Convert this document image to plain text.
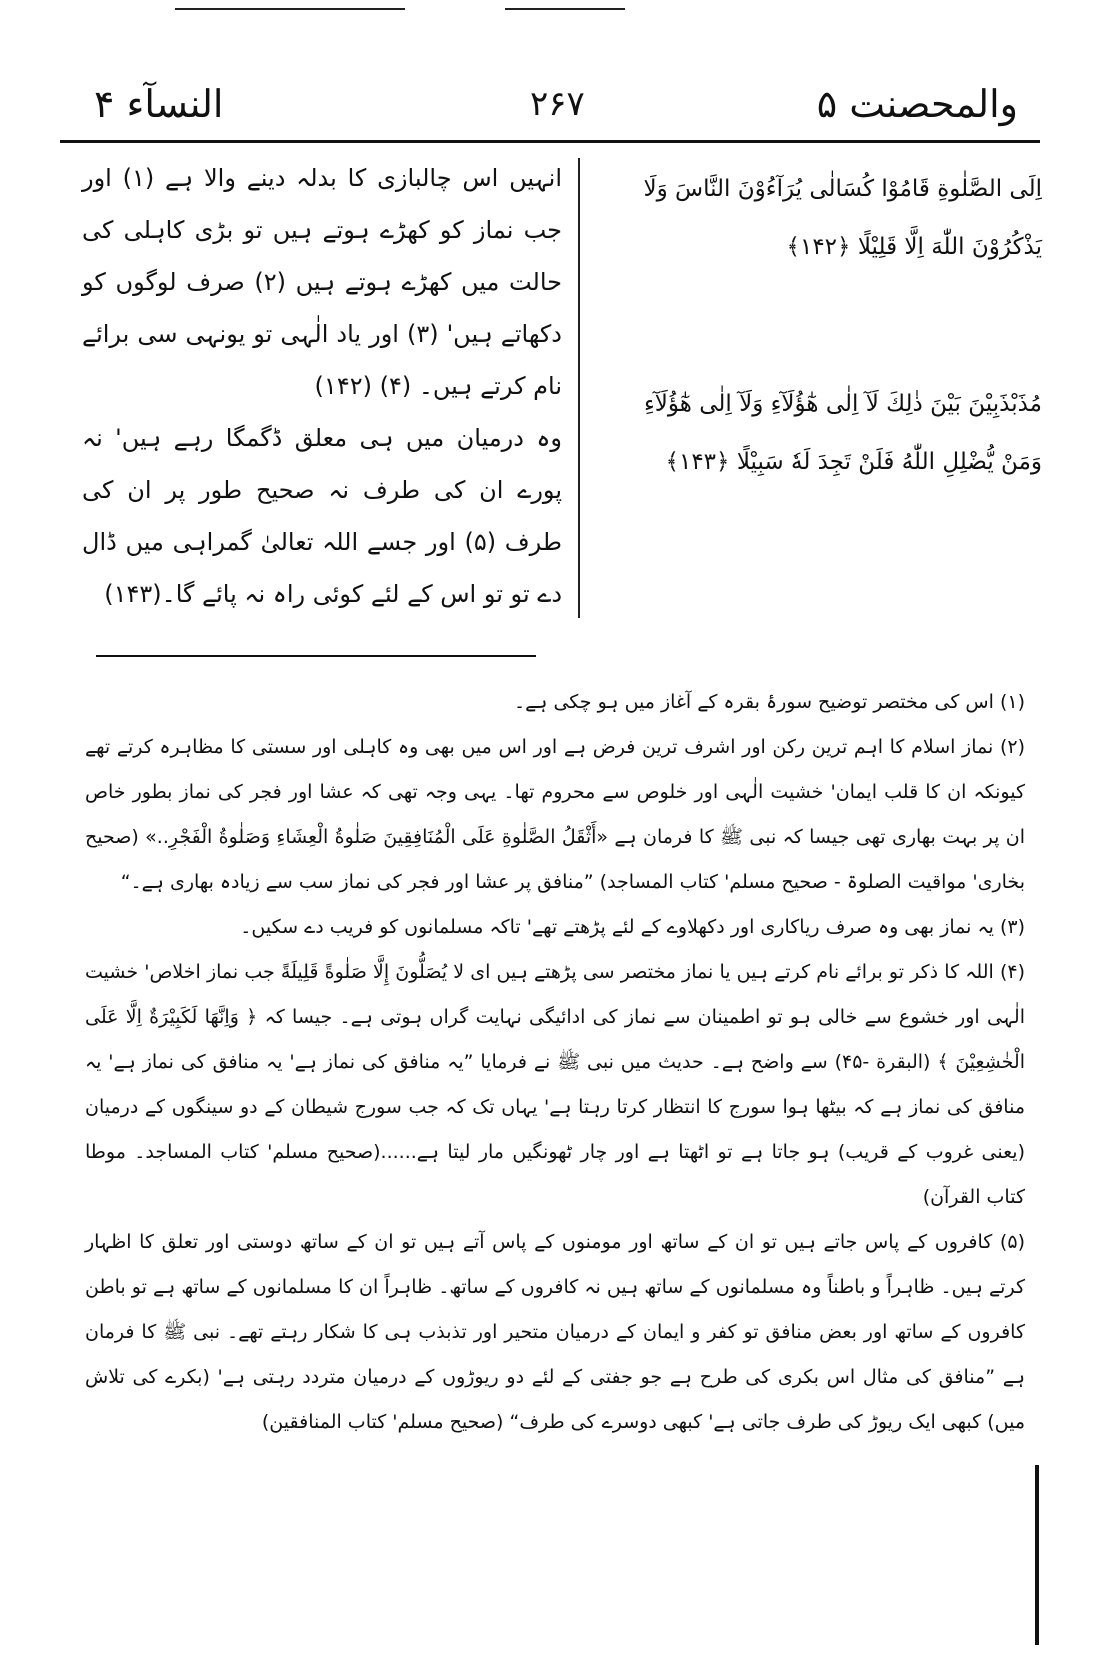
النسآء ۴	۲۶۷	والمحصنت ۵
اِلَى الصَّلٰوةِ قَامُوْا كُسَالٰى يُرَآءُوْنَ النَّاسَ وَلَا يَذْكُرُوْنَ اللّٰهَ اِلَّا قَلِيْلًا ﴿۱۴۲﴾
مُذَبْذَبِيْنَ بَيْنَ ذٰلِكَ لَآ اِلٰى هٰٓؤُلَآءِ وَلَآ اِلٰى هٰٓؤُلَآءِ وَمَنْ يُّضْلِلِ اللّٰهُ فَلَنْ تَجِدَ لَهٗ سَبِيْلًا ﴿۱۴۳﴾

انہیں اس چالبازی کا بدلہ دینے والا ہے (۱) اور جب نماز کو کھڑے ہوتے ہیں تو بڑی کاہلی کی حالت میں کھڑے ہوتے ہیں (۲) صرف لوگوں کو دکھاتے ہیں' (۳) اور یاد الٰہی تو یونہی سی برائے نام کرتے ہیں۔ (۴) (۱۴۲)

وہ درمیان میں ہی معلق ڈگمگا رہے ہیں' نہ پورے ان کی طرف نہ صحیح طور پر ان کی طرف (۵) اور جسے اللہ تعالیٰ گمراہی میں ڈال دے تو تو اس کے لئے کوئی راہ نہ پائے گا۔(۱۴۳)

(۱) اس کی مختصر توضیح سورۂ بقرہ کے آغاز میں ہو چکی ہے۔

(۲) نماز اسلام کا اہم ترین رکن اور اشرف ترین فرض ہے اور اس میں بھی وہ کاہلی اور سستی کا مظاہرہ کرتے تھے کیونکہ ان کا قلب ایمان' خشیت الٰہی اور خلوص سے محروم تھا۔ یہی وجہ تھی کہ عشا اور فجر کی نماز بطور خاص ان پر بہت بھاری تھی جیسا کہ نبی ﷺ کا فرمان ہے «أَثْقَلُ الصَّلٰوةِ عَلَى الْمُنَافِقِينَ صَلٰوةُ الْعِشَاءِ وَصَلٰوةُ الْفَجْرِ..» (صحیح بخاری' مواقیت الصلوۃ - صحیح مسلم' کتاب المساجد) ”منافق پر عشا اور فجر کی نماز سب سے زیادہ بھاری ہے۔“

(۳) یہ نماز بھی وہ صرف ریاکاری اور دکھلاوے کے لئے پڑھتے تھے' تاکہ مسلمانوں کو فریب دے سکیں۔

(۴) اللہ کا ذکر تو برائے نام کرتے ہیں یا نماز مختصر سی پڑھتے ہیں ای لا یُصَلُّونَ إِلَّا صَلٰوةً قَلِيلَةً جب نماز اخلاص' خشیت الٰہی اور خشوع سے خالی ہو تو اطمینان سے نماز کی ادائیگی نہایت گراں ہوتی ہے۔ جیسا کہ ﴿ وَاِنَّهَا لَكَبِيْرَةٌ اِلَّا عَلَى الْخٰشِعِيْنَ ﴾ (البقرة -۴۵) سے واضح ہے۔ حدیث میں نبی ﷺ نے فرمایا ”یہ منافق کی نماز ہے' یہ منافق کی نماز ہے' یہ منافق کی نماز ہے کہ بیٹھا ہوا سورج کا انتظار کرتا رہتا ہے' یہاں تک کہ جب سورج شیطان کے دو سینگوں کے درمیان (یعنی غروب کے قریب) ہو جاتا ہے تو اٹھتا ہے اور چار ٹھونگیں مار لیتا ہے......(صحیح مسلم' کتاب المساجد۔ موطا کتاب القرآن)

(۵) کافروں کے پاس جاتے ہیں تو ان کے ساتھ اور مومنوں کے پاس آتے ہیں تو ان کے ساتھ دوستی اور تعلق کا اظہار کرتے ہیں۔ ظاہراً و باطناً وہ مسلمانوں کے ساتھ ہیں نہ کافروں کے ساتھ۔ ظاہراً ان کا مسلمانوں کے ساتھ ہے تو باطن کافروں کے ساتھ اور بعض منافق تو کفر و ایمان کے درمیان متحیر اور تذبذب ہی کا شکار رہتے تھے۔ نبی ﷺ کا فرمان ہے ”منافق کی مثال اس بکری کی طرح ہے جو جفتی کے لئے دو ریوڑوں کے درمیان متردد رہتی ہے' (بکرے کی تلاش میں) کبھی ایک ریوڑ کی طرف جاتی ہے' کبھی دوسرے کی طرف“ (صحیح مسلم' کتاب المنافقین)
